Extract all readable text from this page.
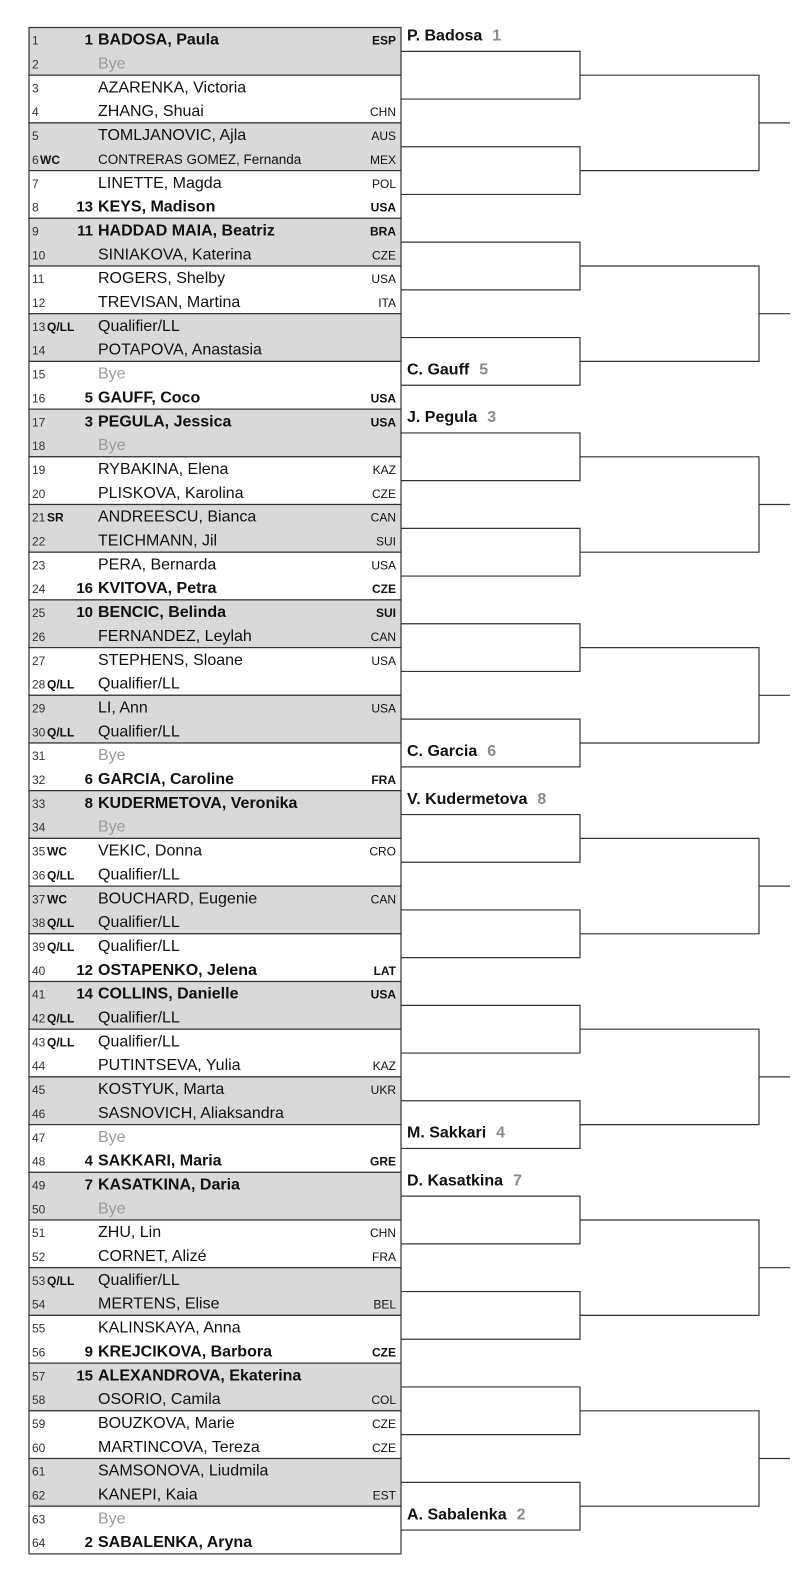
1	1 BADOSA, Paula	ESP
2	Bye
3	AZARENKA, Victoria
4	ZHANG, Shuai	CHN
5	TOMLJANOVIC, Ajla	AUS
6 WC	CONTRERAS GOMEZ, Fernanda	MEX
7	LINETTE, Magda	POL
8	13 KEYS, Madison	USA
9	11 HADDAD MAIA, Beatriz	BRA
10	SINIAKOVA, Katerina	CZE
11	ROGERS, Shelby	USA
12	TREVISAN, Martina	ITA
13 Q/LL Qualifier/LL
14	POTAPOVA, Anastasia
15	Bye
16	5 GAUFF, Coco	USA
17	3 PEGULA, Jessica	USA
18	Bye
19	RYBAKINA, Elena	KAZ
20	PLISKOVA, Karolina	CZE
21 SR ANDREESCU, Bianca	CAN
22	TEICHMANN, Jil	SUI
23	PERA, Bernarda	USA
24 16 KVITOVA, Petra	CZE
25 10 BENCIC, Belinda	SUI
26	FERNANDEZ, Leylah	CAN
27	STEPHENS, Sloane	USA
28 Q/LL Qualifier/LL
29	LI, Ann	USA
30 Q/LL Qualifier/LL
31	Bye
32	6 GARCIA, Caroline	FRA
33	8 KUDERMETOVA, Veronika
34	Bye
35 WC VEKIC, Donna	CRO
36 Q/LL Qualifier/LL
37 WC BOUCHARD, Eugenie	CAN
38 Q/LL Qualifier/LL
39 Q/LL Qualifier/LL
40 12 OSTAPENKO, Jelena	LAT
41 14 COLLINS, Danielle	USA
42 Q/LL Qualifier/LL
43 Q/LL Qualifier/LL
44	PUTINTSEVA, Yulia	KAZ
45	KOSTYUK, Marta	UKR
46	SASNOVICH, Aliaksandra
47	Bye
48	4 SAKKARI, Maria	GRE
49	7 KASATKINA, Daria
50	Bye
51	ZHU, Lin	CHN
52	CORNET, Alizé	FRA
53 Q/LL Qualifier/LL
54	MERTENS, Elise	BEL
55	KALINSKAYA, Anna
56	9 KREJCIKOVA, Barbora	CZE
57 15 ALEXANDROVA, Ekaterina
58	OSORIO, Camila	COL
59	BOUZKOVA, Marie	CZE
60	MARTINCOVA, Tereza	CZE
61	SAMSONOVA, Liudmila
62	KANEPI, Kaia	EST
63	Bye
64	2 SABALENKA, Aryna
P. Badosa 1
C. Gauff 5
J. Pegula 3
C. Garcia 6
V. Kudermetova 8
M. Sakkari 4
D. Kasatkina 7
A. Sabalenka 2
